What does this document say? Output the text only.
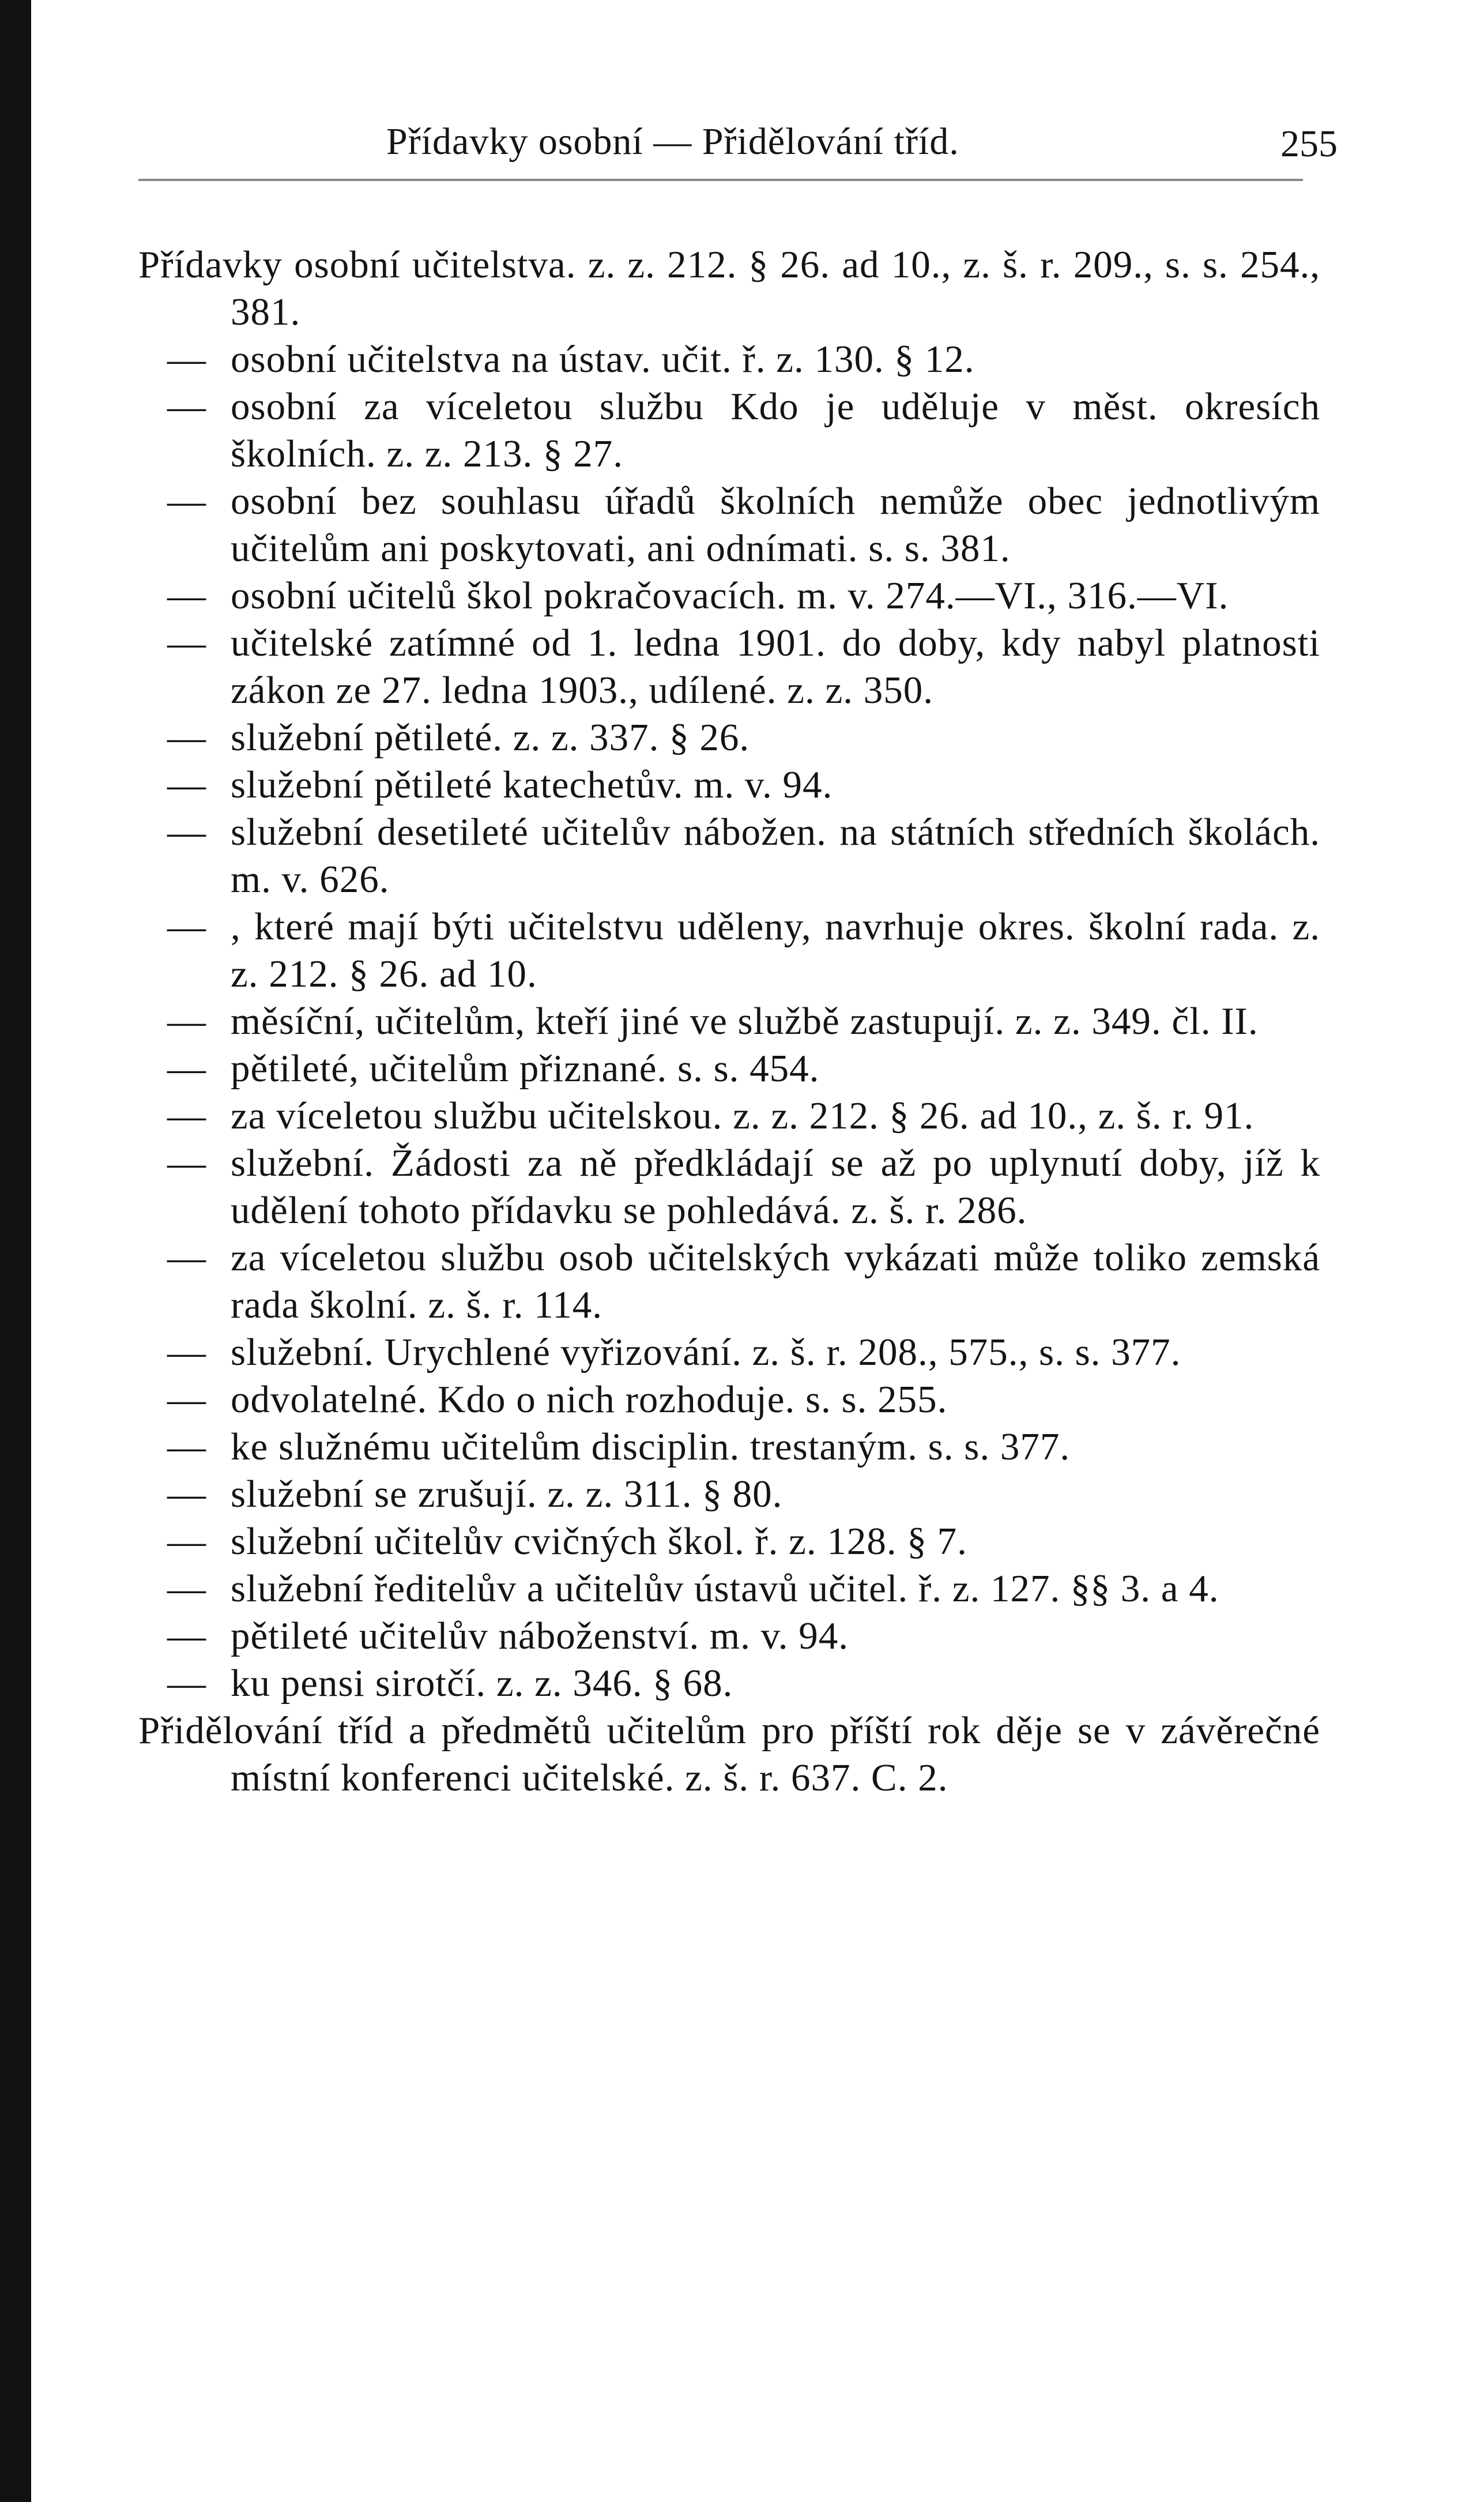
Přídavky osobní — Přidělování tříd.	255
Přídavky osobní učitelstva. z. z. 212. § 26. ad 10., z. š. r. 209., s. s. 254., 381.
— osobní učitelstva na ústav. učit. ř. z. 130. § 12.
— osobní za víceletou službu Kdo je uděluje v měst. okresích školních. z. z. 213. § 27.
— osobní bez souhlasu úřadů školních nemůže obec jednotlivým učitelům ani poskytovati, ani odnímati. s. s. 381.
— osobní učitelů škol pokračovacích. m. v. 274.—VI., 316.—VI.
— učitelské zatímné od 1. ledna 1901. do doby, kdy nabyl platnosti zákon ze 27. ledna 1903., udílené. z. z. 350.
— služební pětileté. z. z. 337. § 26.
— služební pětileté katechetův. m. v. 94.
— služební desetileté učitelův nábožen. na státních středních školách. m. v. 626.
— , které mají býti učitelstvu uděleny, navrhuje okres. školní rada. z. z. 212. § 26. ad 10.
— měsíční, učitelům, kteří jiné ve službě zastupují. z. z. 349. čl. II.
— pětileté, učitelům přiznané. s. s. 454.
— za víceletou službu učitelskou. z. z. 212. § 26. ad 10., z. š. r. 91.
— služební. Žádosti za ně předkládají se až po uplynutí doby, jíž k udělení tohoto přídavku se pohledává. z. š. r. 286.
— za víceletou službu osob učitelských vykázati může toliko zemská rada školní. z. š. r. 114.
— služební. Urychlené vyřizování. z. š. r. 208., 575., s. s. 377.
— odvolatelné. Kdo o nich rozhoduje. s. s. 255.
— ke služnému učitelům disciplin. trestaným. s. s. 377.
— služební se zrušují. z. z. 311. § 80.
— služební učitelův cvičných škol. ř. z. 128. § 7.
— služební ředitelův a učitelův ústavů učitel. ř. z. 127. §§ 3. a 4.
— pětileté učitelův náboženství. m. v. 94.
— ku pensi sirotčí. z. z. 346. § 68.
Přidělování tříd a předmětů učitelům pro příští rok děje se v závěrečné místní konferenci učitelské. z. š. r. 637. C. 2.
